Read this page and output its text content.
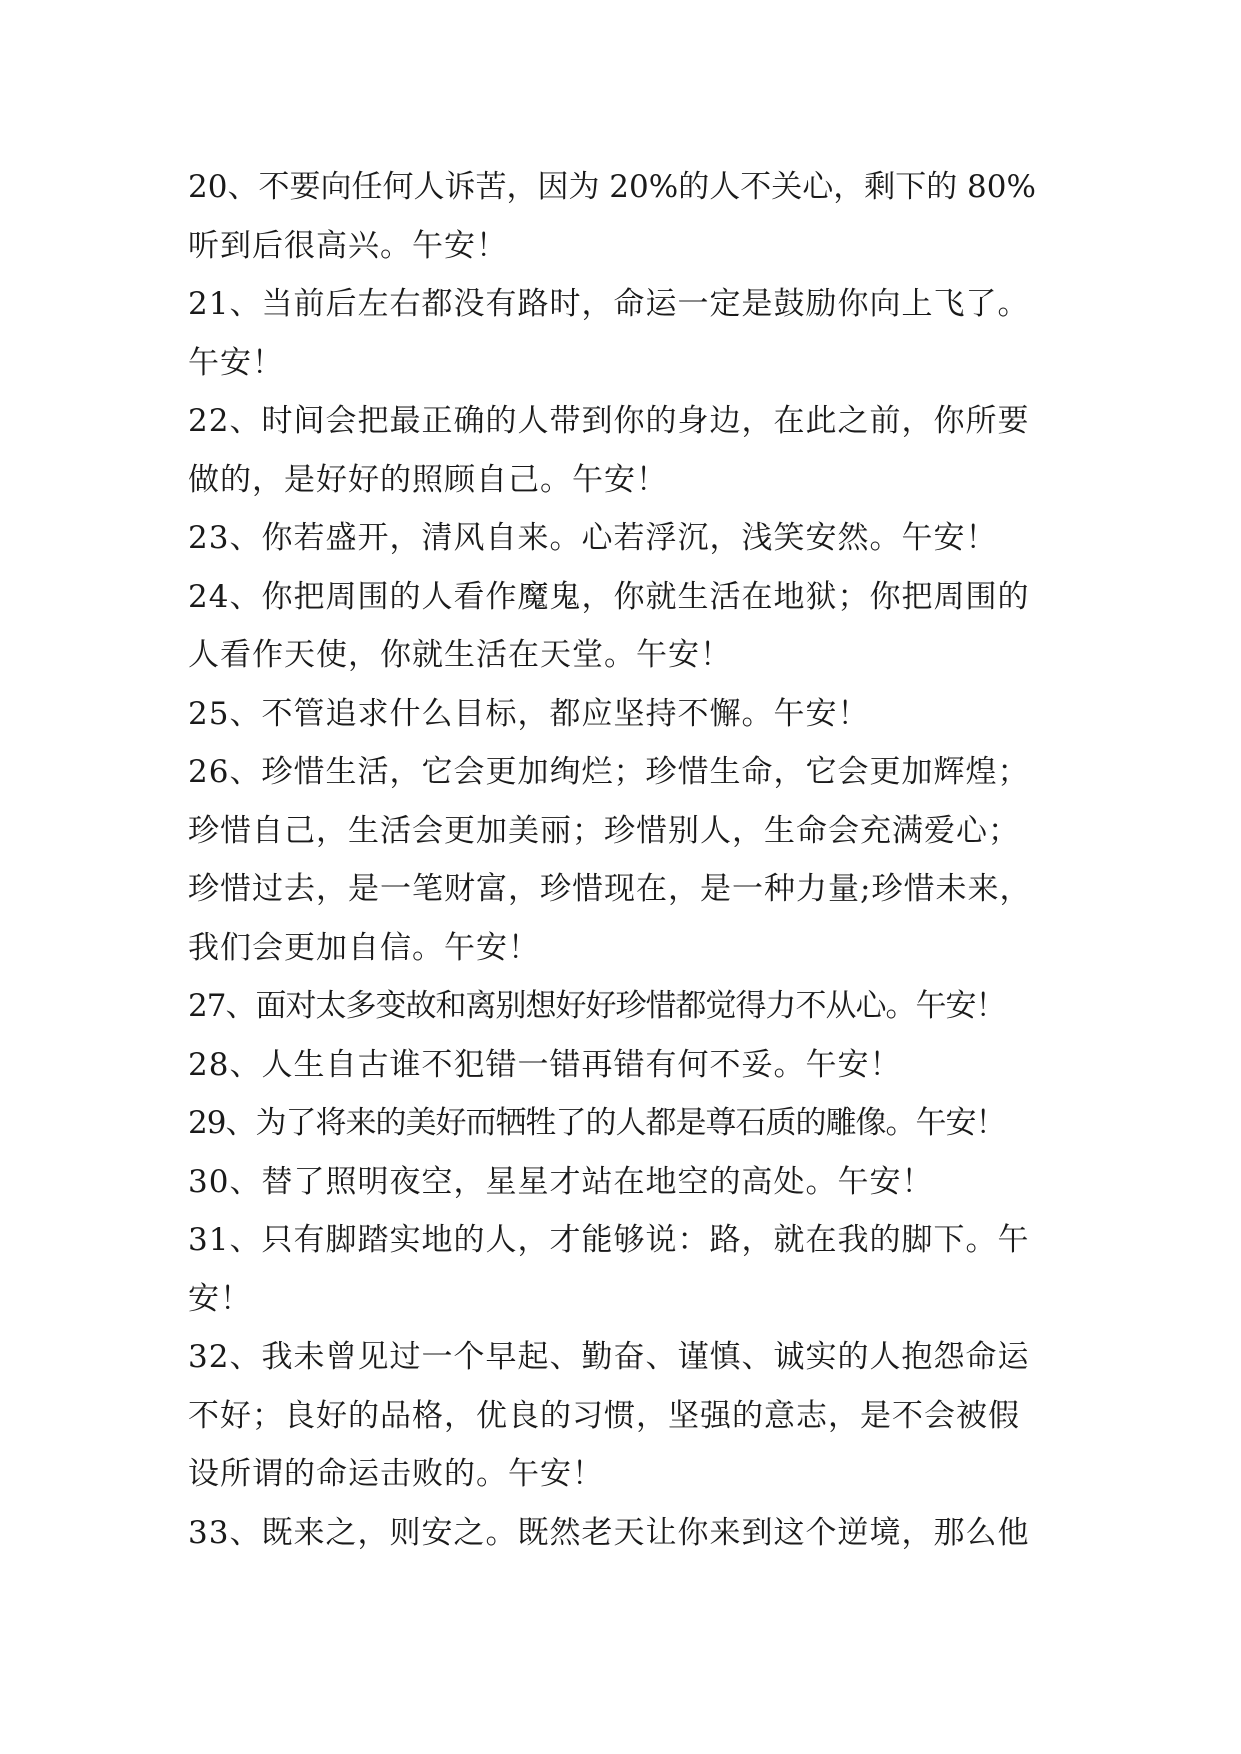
20、不要向任何人诉苦，因为 20%的人不关心，剩下的 80%
听到后很高兴。午安！
21、当前后左右都没有路时，命运一定是鼓励你向上飞了。
午安！
22、时间会把最正确的人带到你的身边，在此之前，你所要
做的，是好好的照顾自己。午安！
23、你若盛开，清风自来。心若浮沉，浅笑安然。午安！
24、你把周围的人看作魔鬼，你就生活在地狱；你把周围的
人看作天使，你就生活在天堂。午安！
25、不管追求什么目标，都应坚持不懈。午安！
26、珍惜生活，它会更加绚烂；珍惜生命，它会更加辉煌；
珍惜自己，生活会更加美丽；珍惜别人，生命会充满爱心；
珍惜过去，是一笔财富，珍惜现在，是一种力量;珍惜未来，
我们会更加自信。午安！
27、面对太多变故和离别想好好珍惜都觉得力不从心。午安！
28、人生自古谁不犯错一错再错有何不妥。午安！
29、为了将来的美好而牺牲了的人都是尊石质的雕像。午安！
30、替了照明夜空，星星才站在地空的高处。午安！
31、只有脚踏实地的人，才能够说：路，就在我的脚下。午
安！
32、我未曾见过一个早起、勤奋、谨慎、诚实的人抱怨命运
不好；良好的品格，优良的习惯，坚强的意志，是不会被假
设所谓的命运击败的。午安！
33、既来之，则安之。既然老天让你来到这个逆境，那么他
